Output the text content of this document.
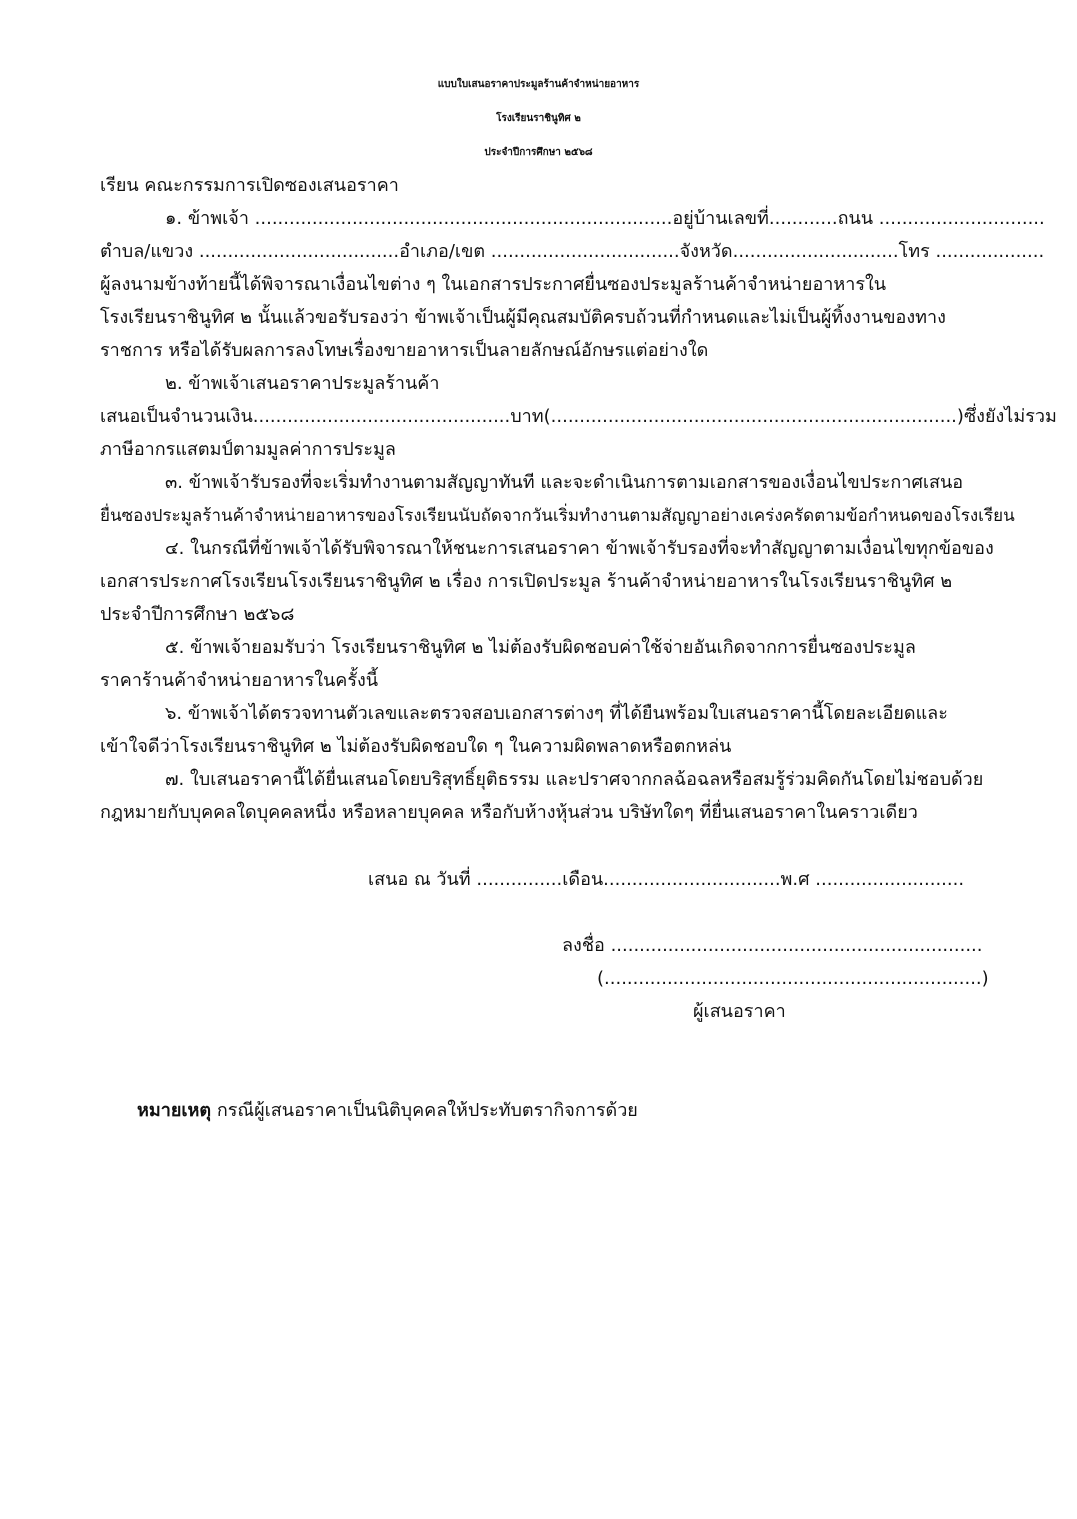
แบบใบเสนอราคาประมูลร้านค้าจำหน่ายอาหาร
โรงเรียนราชินูทิศ ๒
ประจำปีการศึกษา ๒๕๖๘
เรียน คณะกรรมการเปิดซองเสนอราคา
๑. ข้าพเจ้า ......................................................................... อยู่บ้านเลขที่............ ถนน .............................
ตำบล/แขวง ................................... อำเภอ/เขต ................................. จังหวัด............................ .โทร ...................
ผู้ลงนามข้างท้ายนี้ได้พิจารณาเงื่อนไขต่าง ๆ ในเอกสารประกาศยื่นซองประมูลร้านค้าจำหน่ายอาหารใน
โรงเรียนราชินูทิศ ๒ นั้นแล้วขอรับรองว่า ข้าพเจ้าเป็นผู้มีคุณสมบัติครบถ้วนที่กำหนดและไม่เป็นผู้ทิ้งงานของทาง
ราชการ หรือได้รับผลการลงโทษเรื่องขายอาหารเป็นลายลักษณ์อักษรแต่อย่างใด
๒. ข้าพเจ้าเสนอราคาประมูลร้านค้า
เสนอเป็นจำนวนเงิน.............................................บาท (.......................................................................) ซึ่งยังไม่รวม
ภาษีอากรแสตมป์ตามมูลค่าการประมูล
๓. ข้าพเจ้ารับรองที่จะเริ่มทำงานตามสัญญาทันที และจะดำเนินการตามเอกสารของเงื่อนไขประกาศเสนอ
ยื่นซองประมูลร้านค้าจำหน่ายอาหารของโรงเรียนนับถัดจากวันเริ่มทำงานตามสัญญาอย่างเคร่งครัดตามข้อกำหนดของโรงเรียน
๔. ในกรณีที่ข้าพเจ้าได้รับพิจารณาให้ชนะการเสนอราคา ข้าพเจ้ารับรองที่จะทำสัญญาตามเงื่อนไขทุกข้อของ
เอกสารประกาศโรงเรียนโรงเรียนราชินูทิศ ๒ เรื่อง การเปิดประมูล ร้านค้าจำหน่ายอาหารในโรงเรียนราชินูทิศ ๒
ประจำปีการศึกษา ๒๕๖๘
๕. ข้าพเจ้ายอมรับว่า โรงเรียนราชินูทิศ ๒ ไม่ต้องรับผิดชอบค่าใช้จ่ายอันเกิดจากการยื่นซองประมูล
ราคาร้านค้าจำหน่ายอาหารในครั้งนี้
๖. ข้าพเจ้าได้ตรวจทานตัวเลขและตรวจสอบเอกสารต่างๆ ที่ได้ยืนพร้อมใบเสนอราคานี้โดยละเอียดและ
เข้าใจดีว่าโรงเรียนราชินูทิศ ๒ ไม่ต้องรับผิดชอบใด ๆ ในความผิดพลาดหรือตกหล่น
๗. ใบเสนอราคานี้ได้ยื่นเสนอโดยบริสุทธิ์ยุติธรรม และปราศจากกลฉ้อฉลหรือสมรู้ร่วมคิดกันโดยไม่ชอบด้วย
กฎหมายกับบุคคลใดบุคคลหนึ่ง หรือหลายบุคคล หรือกับห้างหุ้นส่วน บริษัทใดๆ ที่ยื่นเสนอราคาในคราวเดียว
เสนอ ณ วันที่ ...............เดือน...............................พ.ศ ..........................
ลงชื่อ .................................................................
(..................................................................)
ผู้เสนอราคา
หมายเหตุ กรณีผู้เสนอราคาเป็นนิติบุคคลให้ประทับตรากิจการด้วย
